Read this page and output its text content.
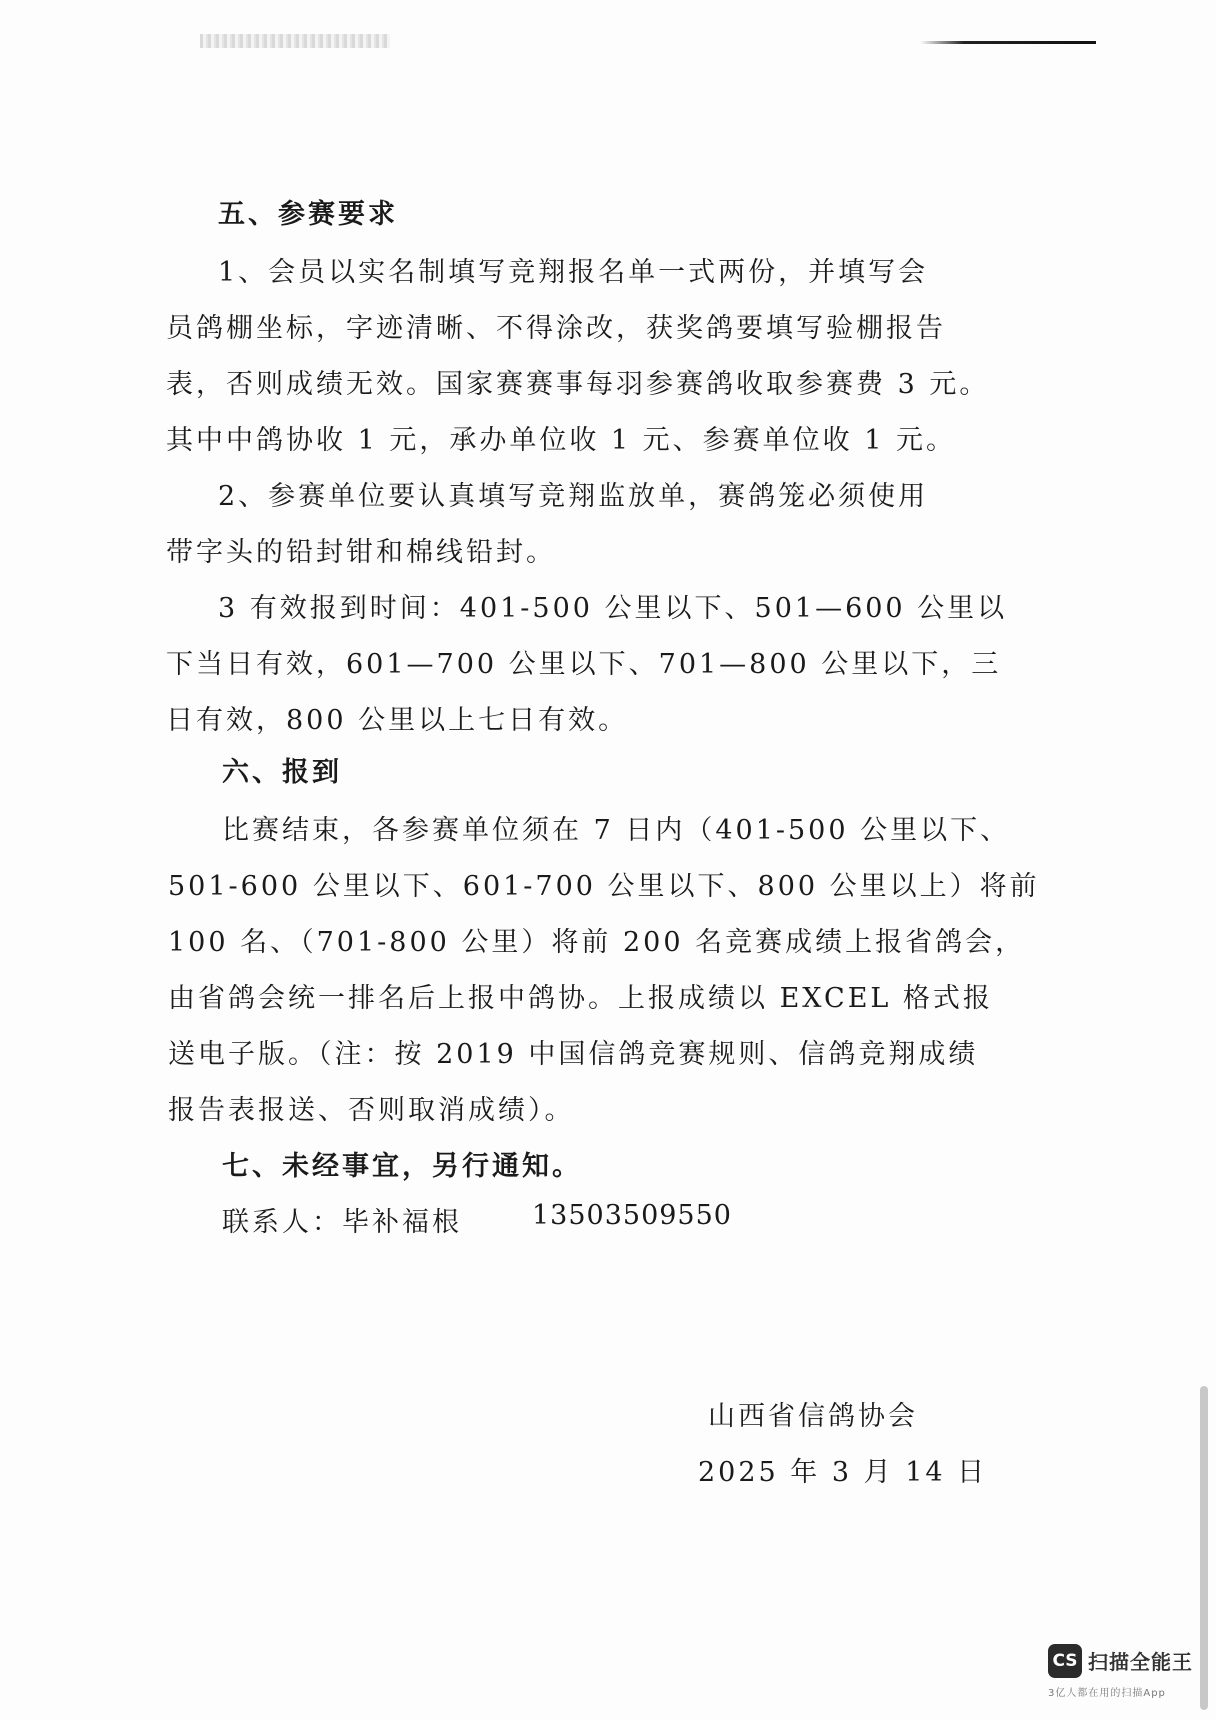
五、参赛要求
1、会员以实名制填写竞翔报名单一式两份，并填写会
员鸽棚坐标，字迹清晰、不得涂改，获奖鸽要填写验棚报告
表，否则成绩无效。国家赛赛事每羽参赛鸽收取参赛费 3 元。
其中中鸽协收 1 元，承办单位收 1 元、参赛单位收 1 元。
2、参赛单位要认真填写竞翔监放单，赛鸽笼必须使用
带字头的铅封钳和棉线铅封。
3 有效报到时间：401-500 公里以下、501—600 公里以
下当日有效，601—700 公里以下、701—800 公里以下，三
日有效，800 公里以上七日有效。
六、报到
比赛结束，各参赛单位须在 7 日内（401-500 公里以下、
501-600 公里以下、601-700 公里以下、800 公里以上）将前
100 名、（701-800 公里）将前 200 名竞赛成绩上报省鸽会，
由省鸽会统一排名后上报中鸽协。上报成绩以 EXCEL 格式报
送电子版。（注：按 2019 中国信鸽竞赛规则、信鸽竞翔成绩
报告表报送、否则取消成绩）。
七、未经事宜，另行通知。
联系人：毕补福根	13503509550
山西省信鸽协会
2025 年 3 月 14 日
CS 扫描全能王
3亿人都在用的扫描App
